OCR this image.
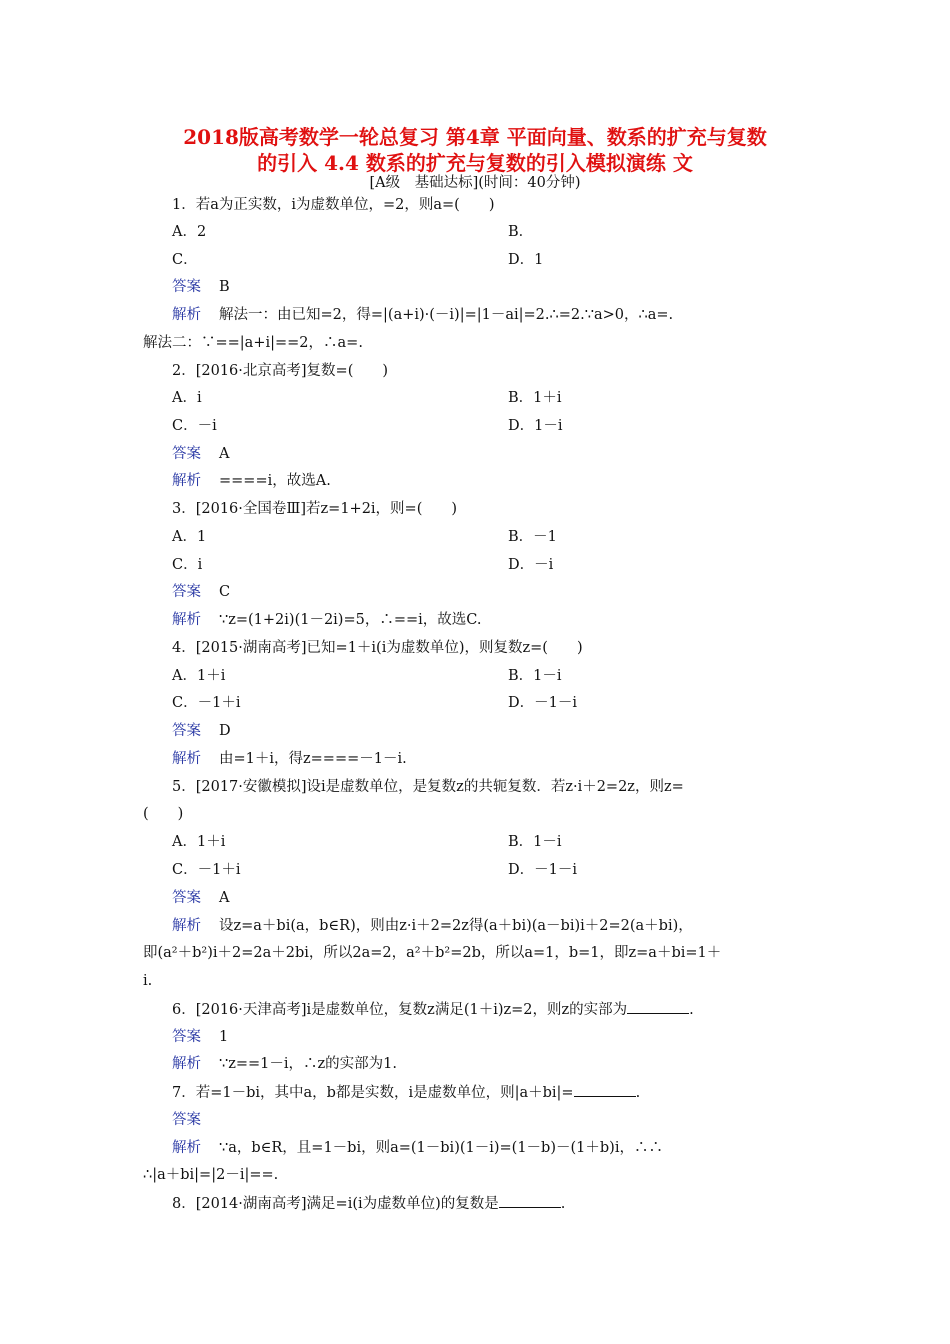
2018版高考数学一轮总复习 第4章 平面向量、数系的扩充与复数
的引入 4.4 数系的扩充与复数的引入模拟演练 文
[A级　基础达标](时间：40分钟)
1．若a为正实数，i为虚数单位，=2，则a=(　　)
A．2	B．
C．	D．1
答案 B
解析 解法一：由已知=2，得=|(a+i)·(－i)|=|1－ai|=2.∴=2.∵a>0，∴a=.
解法二：∵==|a+i|==2，∴a=.
2．[2016·北京高考]复数=(　　)
A．i	B．1＋i
C．－i	D．1－i
答案 A
解析 ====i，故选A.
3．[2016·全国卷Ⅲ]若z=1+2i，则=(　　)
A．1	B．－1
C．i	D．－i
答案 C
解析 ∵z=(1+2i)(1－2i)=5，∴==i，故选C.
4．[2015·湖南高考]已知=1＋i(i为虚数单位)，则复数z=(　　)
A．1＋i	B．1－i
C．－1＋i	D．－1－i
答案 D
解析 由=1＋i，得z====－1－i.
5．[2017·安徽模拟]设i是虚数单位，是复数z的共轭复数．若z·i＋2=2z，则z=
(　　)
A．1＋i	B．1－i
C．－1＋i	D．－1－i
答案 A
解析 设z=a＋bi(a，b∈R)，则由z·i＋2=2z得(a＋bi)(a－bi)i＋2=2(a＋bi)，
即(a²＋b²)i＋2=2a＋2bi，所以2a=2，a²＋b²=2b，所以a=1，b=1，即z=a＋bi=1＋
i.
6．[2016·天津高考]i是虚数单位，复数z满足(1＋i)z=2，则z的实部为	.
答案 1
解析 ∵z==1－i，∴z的实部为1.
7．若=1－bi，其中a，b都是实数，i是虚数单位，则|a＋bi|=	.
答案
解析 ∵a，b∈R，且=1－bi，则a=(1－bi)(1－i)=(1－b)－(1＋b)i，∴∴
∴|a＋bi|=|2－i|==.
8．[2014·湖南高考]满足=i(i为虚数单位)的复数是	.
